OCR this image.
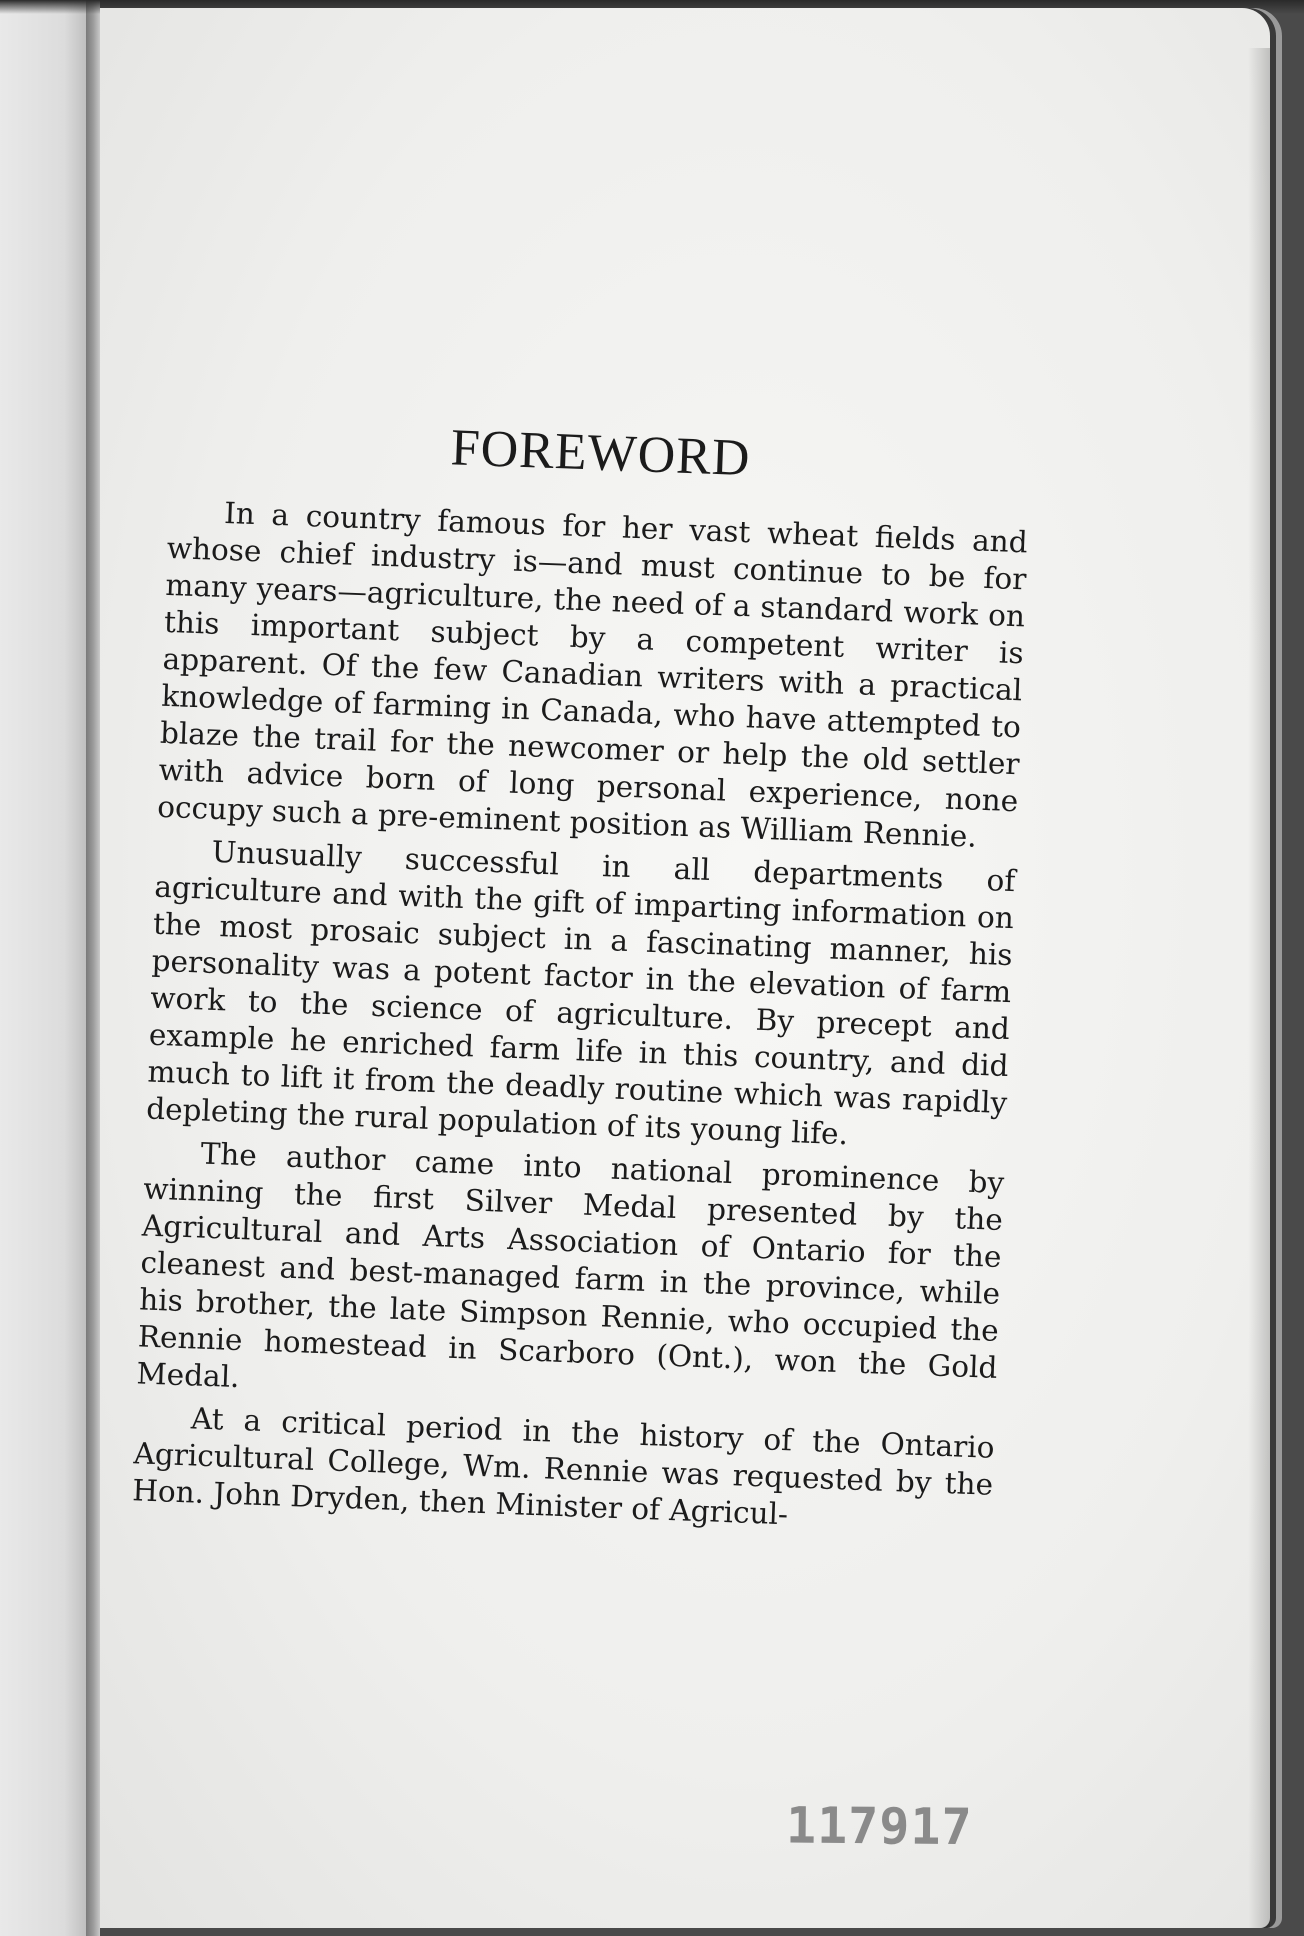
FOREWORD

In a country famous for her vast wheat fields and whose chief industry is—and must continue to be for many years—agriculture, the need of a standard work on this important subject by a competent writer is apparent. Of the few Canadian writers with a practical knowledge of farming in Canada, who have attempted to blaze the trail for the newcomer or help the old settler with advice born of long personal experience, none occupy such a pre-eminent position as William Rennie.

Unusually successful in all departments of agriculture and with the gift of imparting information on the most prosaic subject in a fascinating manner, his personality was a potent factor in the elevation of farm work to the science of agriculture. By precept and example he enriched farm life in this country, and did much to lift it from the deadly routine which was rapidly depleting the rural population of its young life.

The author came into national prominence by winning the first Silver Medal presented by the Agricultural and Arts Association of Ontario for the cleanest and best-managed farm in the province, while his brother, the late Simpson Rennie, who occupied the Rennie homestead in Scarboro (Ont.), won the Gold Medal.

At a critical period in the history of the Ontario Agricultural College, Wm. Rennie was requested by the Hon. John Dryden, then Minister of Agricul-

117917
